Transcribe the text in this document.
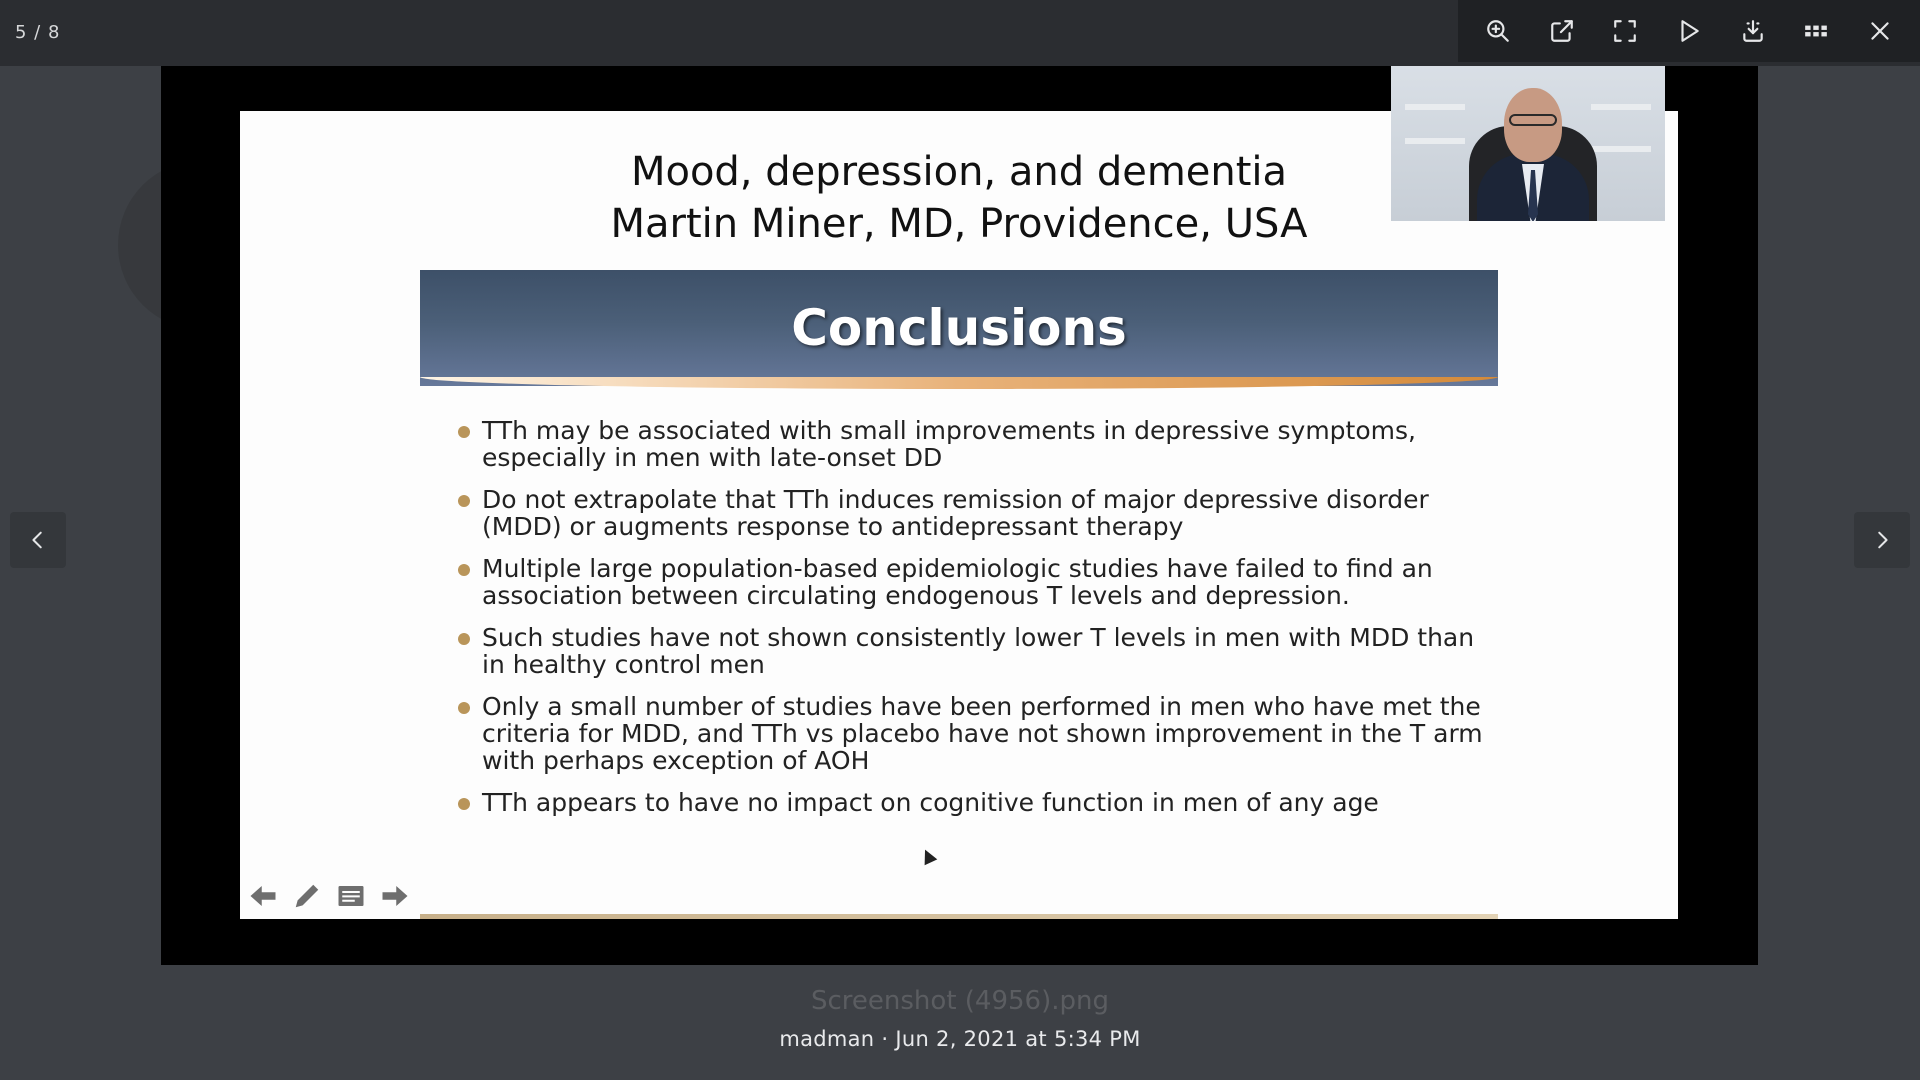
5 / 8
Mood, depression, and dementia
Martin Miner, MD, Providence, USA
Conclusions
TTh may be associated with small improvements in depressive symptoms, especially in men with late-onset DD
Do not extrapolate that TTh induces remission of major depressive disorder (MDD) or augments response to antidepressant therapy
Multiple large population-based epidemiologic studies have failed to find an association between circulating endogenous T levels and depression.
Such studies have not shown consistently lower T levels in men with MDD than in healthy control men
Only a small number of studies have been performed in men who have met the criteria for MDD, and TTh vs placebo have not shown improvement in the T arm with perhaps exception of AOH
TTh appears to have no impact on cognitive function in men of any age
Screenshot (4956).png
madman · Jun 2, 2021 at 5:34 PM
